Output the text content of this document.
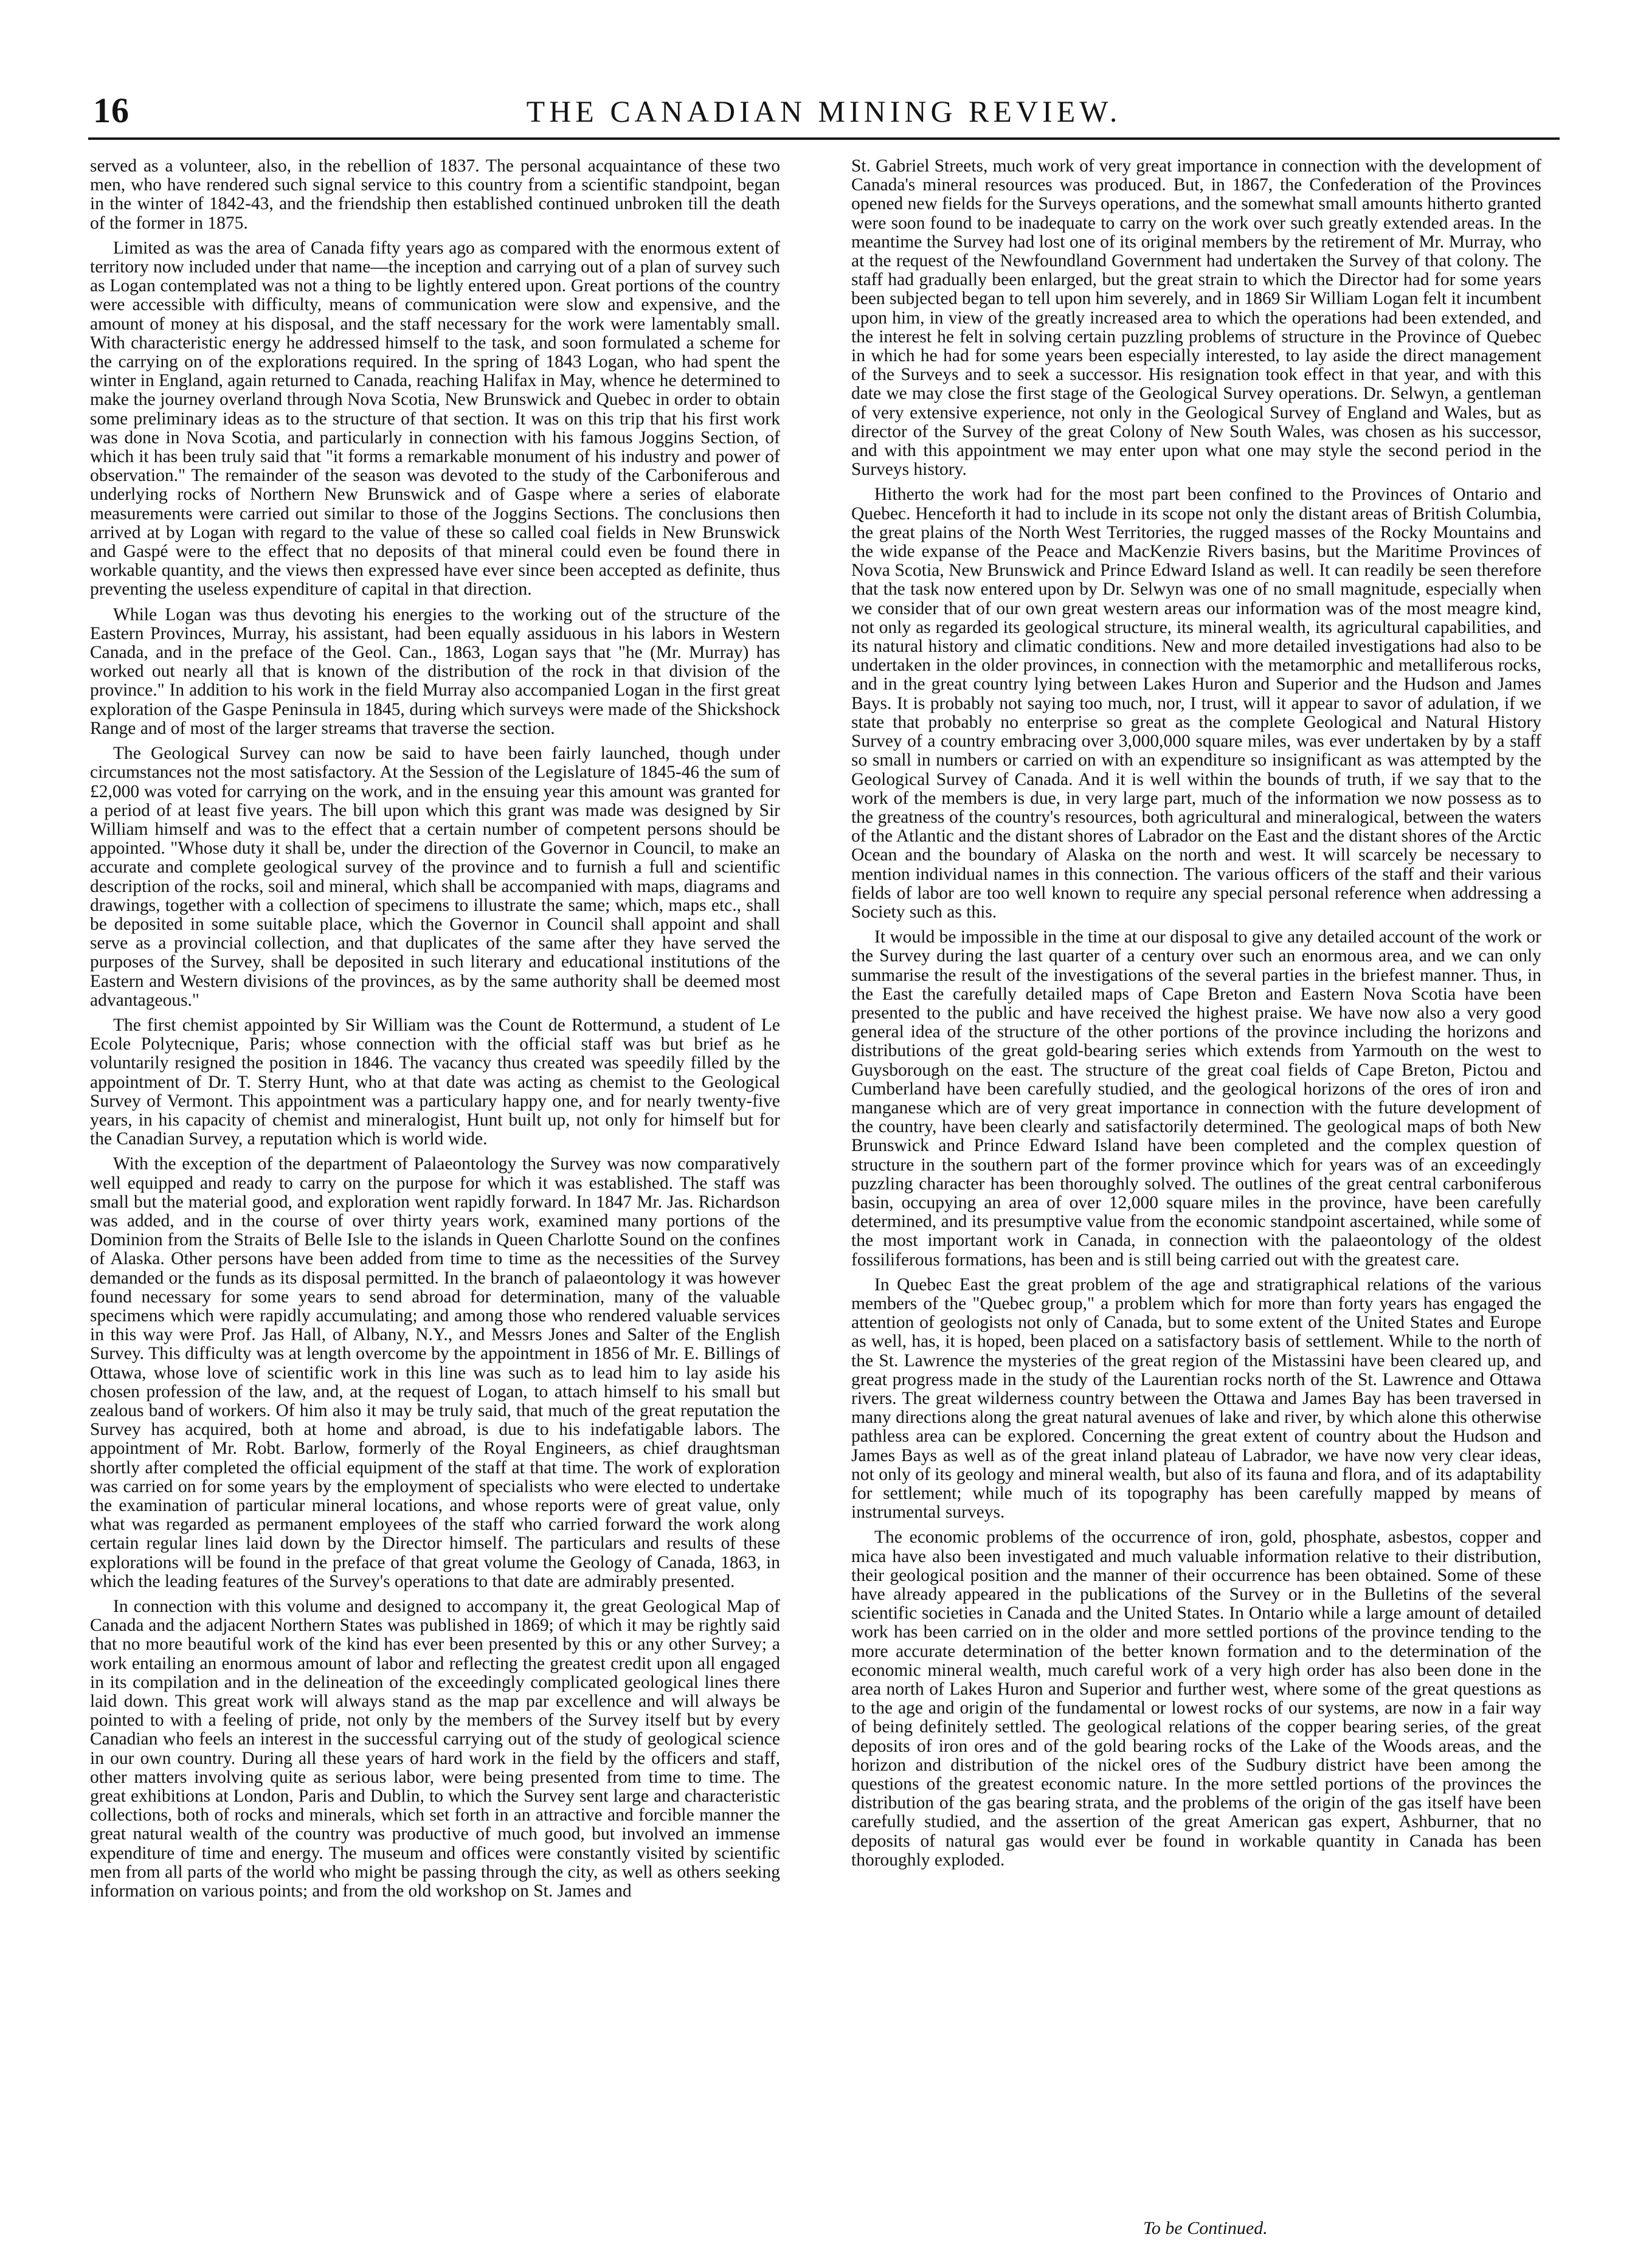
16	THE CANADIAN MINING REVIEW.

served as a volunteer, also, in the rebellion of 1837. The personal acquaintance of these two men, who have rendered such signal service to this country from a scientific standpoint, began in the winter of 1842-43, and the friendship then established continued unbroken till the death of the former in 1875.

Limited as was the area of Canada fifty years ago as compared with the enormous extent of territory now included under that name—the inception and carrying out of a plan of survey such as Logan contemplated was not a thing to be lightly entered upon. Great portions of the country were accessible with difficulty, means of communication were slow and expensive, and the amount of money at his disposal, and the staff necessary for the work were lamentably small. With characteristic energy he addressed himself to the task, and soon formulated a scheme for the carrying on of the explorations required. In the spring of 1843 Logan, who had spent the winter in England, again returned to Canada, reaching Halifax in May, whence he determined to make the journey overland through Nova Scotia, New Brunswick and Quebec in order to obtain some preliminary ideas as to the structure of that section. It was on this trip that his first work was done in Nova Scotia, and particularly in connection with his famous Joggins Section, of which it has been truly said that "it forms a remarkable monument of his industry and power of observation." The remainder of the season was devoted to the study of the Carboniferous and underlying rocks of Northern New Brunswick and of Gaspe where a series of elaborate measurements were carried out similar to those of the Joggins Sections. The conclusions then arrived at by Logan with regard to the value of these so called coal fields in New Brunswick and Gaspé were to the effect that no deposits of that mineral could even be found there in workable quantity, and the views then expressed have ever since been accepted as definite, thus preventing the useless expenditure of capital in that direction.

While Logan was thus devoting his energies to the working out of the structure of the Eastern Provinces, Murray, his assistant, had been equally assiduous in his labors in Western Canada, and in the preface of the Geol. Can., 1863, Logan says that "he (Mr. Murray) has worked out nearly all that is known of the distribution of the rock in that division of the province." In addition to his work in the field Murray also accompanied Logan in the first great exploration of the Gaspe Peninsula in 1845, during which surveys were made of the Shickshock Range and of most of the larger streams that traverse the section.

The Geological Survey can now be said to have been fairly launched, though under circumstances not the most satisfactory. At the Session of the Legislature of 1845-46 the sum of £2,000 was voted for carrying on the work, and in the ensuing year this amount was granted for a period of at least five years. The bill upon which this grant was made was designed by Sir William himself and was to the effect that a certain number of competent persons should be appointed. "Whose duty it shall be, under the direction of the Governor in Council, to make an accurate and complete geological survey of the province and to furnish a full and scientific description of the rocks, soil and mineral, which shall be accompanied with maps, diagrams and drawings, together with a collection of specimens to illustrate the same; which, maps etc., shall be deposited in some suitable place, which the Governor in Council shall appoint and shall serve as a provincial collection, and that duplicates of the same after they have served the purposes of the Survey, shall be deposited in such literary and educational institutions of the Eastern and Western divisions of the provinces, as by the same authority shall be deemed most advantageous."

The first chemist appointed by Sir William was the Count de Rottermund, a student of Le Ecole Polytecnique, Paris; whose connection with the official staff was but brief as he voluntarily resigned the position in 1846. The vacancy thus created was speedily filled by the appointment of Dr. T. Sterry Hunt, who at that date was acting as chemist to the Geological Survey of Vermont. This appointment was a particulary happy one, and for nearly twenty-five years, in his capacity of chemist and mineralogist, Hunt built up, not only for himself but for the Canadian Survey, a reputation which is world wide.

With the exception of the department of Palaeontology the Survey was now comparatively well equipped and ready to carry on the purpose for which it was established. The staff was small but the material good, and exploration went rapidly forward. In 1847 Mr. Jas. Richardson was added, and in the course of over thirty years work, examined many portions of the Dominion from the Straits of Belle Isle to the islands in Queen Charlotte Sound on the confines of Alaska. Other persons have been added from time to time as the necessities of the Survey demanded or the funds as its disposal permitted. In the branch of palaeontology it was however found necessary for some years to send abroad for determination, many of the valuable specimens which were rapidly accumulating; and among those who rendered valuable services in this way were Prof. Jas Hall, of Albany, N.Y., and Messrs Jones and Salter of the English Survey. This difficulty was at length overcome by the appointment in 1856 of Mr. E. Billings of Ottawa, whose love of scientific work in this line was such as to lead him to lay aside his chosen profession of the law, and, at the request of Logan, to attach himself to his small but zealous band of workers. Of him also it may be truly said, that much of the great reputation the Survey has acquired, both at home and abroad, is due to his indefatigable labors. The appointment of Mr. Robt. Barlow, formerly of the Royal Engineers, as chief draughtsman shortly after completed the official equipment of the staff at that time. The work of exploration was carried on for some years by the employment of specialists who were elected to undertake the examination of particular mineral locations, and whose reports were of great value, only what was regarded as permanent employees of the staff who carried forward the work along certain regular lines laid down by the Director himself. The particulars and results of these explorations will be found in the preface of that great volume the Geology of Canada, 1863, in which the leading features of the Survey's operations to that date are admirably presented.

In connection with this volume and designed to accompany it, the great Geological Map of Canada and the adjacent Northern States was published in 1869; of which it may be rightly said that no more beautiful work of the kind has ever been presented by this or any other Survey; a work entailing an enormous amount of labor and reflecting the greatest credit upon all engaged in its compilation and in the delineation of the exceedingly complicated geological lines there laid down. This great work will always stand as the map par excellence and will always be pointed to with a feeling of pride, not only by the members of the Survey itself but by every Canadian who feels an interest in the successful carrying out of the study of geological science in our own country. During all these years of hard work in the field by the officers and staff, other matters involving quite as serious labor, were being presented from time to time. The great exhibitions at London, Paris and Dublin, to which the Survey sent large and characteristic collections, both of rocks and minerals, which set forth in an attractive and forcible manner the great natural wealth of the country was productive of much good, but involved an immense expenditure of time and energy. The museum and offices were constantly visited by scientific men from all parts of the world who might be passing through the city, as well as others seeking information on various points; and from the old workshop on St. James and

St. Gabriel Streets, much work of very great importance in connection with the development of Canada's mineral resources was produced. But, in 1867, the Confederation of the Provinces opened new fields for the Surveys operations, and the somewhat small amounts hitherto granted were soon found to be inadequate to carry on the work over such greatly extended areas. In the meantime the Survey had lost one of its original members by the retirement of Mr. Murray, who at the request of the Newfoundland Government had undertaken the Survey of that colony. The staff had gradually been enlarged, but the great strain to which the Director had for some years been subjected began to tell upon him severely, and in 1869 Sir William Logan felt it incumbent upon him, in view of the greatly increased area to which the operations had been extended, and the interest he felt in solving certain puzzling problems of structure in the Province of Quebec in which he had for some years been especially interested, to lay aside the direct management of the Surveys and to seek a successor. His resignation took effect in that year, and with this date we may close the first stage of the Geological Survey operations. Dr. Selwyn, a gentleman of very extensive experience, not only in the Geological Survey of England and Wales, but as director of the Survey of the great Colony of New South Wales, was chosen as his successor, and with this appointment we may enter upon what one may style the second period in the Surveys history.

Hitherto the work had for the most part been confined to the Provinces of Ontario and Quebec. Henceforth it had to include in its scope not only the distant areas of British Columbia, the great plains of the North West Territories, the rugged masses of the Rocky Mountains and the wide expanse of the Peace and MacKenzie Rivers basins, but the Maritime Provinces of Nova Scotia, New Brunswick and Prince Edward Island as well. It can readily be seen therefore that the task now entered upon by Dr. Selwyn was one of no small magnitude, especially when we consider that of our own great western areas our information was of the most meagre kind, not only as regarded its geological structure, its mineral wealth, its agricultural capabilities, and its natural history and climatic conditions. New and more detailed investigations had also to be undertaken in the older provinces, in connection with the metamorphic and metalliferous rocks, and in the great country lying between Lakes Huron and Superior and the Hudson and James Bays. It is probably not saying too much, nor, I trust, will it appear to savor of adulation, if we state that probably no enterprise so great as the complete Geological and Natural History Survey of a country embracing over 3,000,000 square miles, was ever undertaken by by a staff so small in numbers or carried on with an expenditure so insignificant as was attempted by the Geological Survey of Canada. And it is well within the bounds of truth, if we say that to the work of the members is due, in very large part, much of the information we now possess as to the greatness of the country's resources, both agricultural and mineralogical, between the waters of the Atlantic and the distant shores of Labrador on the East and the distant shores of the Arctic Ocean and the boundary of Alaska on the north and west. It will scarcely be necessary to mention individual names in this connection. The various officers of the staff and their various fields of labor are too well known to require any special personal reference when addressing a Society such as this.

It would be impossible in the time at our disposal to give any detailed account of the work or the Survey during the last quarter of a century over such an enormous area, and we can only summarise the result of the investigations of the several parties in the briefest manner. Thus, in the East the carefully detailed maps of Cape Breton and Eastern Nova Scotia have been presented to the public and have received the highest praise. We have now also a very good general idea of the structure of the other portions of the province including the horizons and distributions of the great gold-bearing series which extends from Yarmouth on the west to Guysborough on the east. The structure of the great coal fields of Cape Breton, Pictou and Cumberland have been carefully studied, and the geological horizons of the ores of iron and manganese which are of very great importance in connection with the future development of the country, have been clearly and satisfactorily determined. The geological maps of both New Brunswick and Prince Edward Island have been completed and the complex question of structure in the southern part of the former province which for years was of an exceedingly puzzling character has been thoroughly solved. The outlines of the great central carboniferous basin, occupying an area of over 12,000 square miles in the province, have been carefully determined, and its presumptive value from the economic standpoint ascertained, while some of the most important work in Canada, in connection with the palaeontology of the oldest fossiliferous formations, has been and is still being carried out with the greatest care.

In Quebec East the great problem of the age and stratigraphical relations of the various members of the "Quebec group," a problem which for more than forty years has engaged the attention of geologists not only of Canada, but to some extent of the United States and Europe as well, has, it is hoped, been placed on a satisfactory basis of settlement. While to the north of the St. Lawrence the mysteries of the great region of the Mistassini have been cleared up, and great progress made in the study of the Laurentian rocks north of the St. Lawrence and Ottawa rivers. The great wilderness country between the Ottawa and James Bay has been traversed in many directions along the great natural avenues of lake and river, by which alone this otherwise pathless area can be explored. Concerning the great extent of country about the Hudson and James Bays as well as of the great inland plateau of Labrador, we have now very clear ideas, not only of its geology and mineral wealth, but also of its fauna and flora, and of its adaptability for settlement; while much of its topography has been carefully mapped by means of instrumental surveys.

The economic problems of the occurrence of iron, gold, phosphate, asbestos, copper and mica have also been investigated and much valuable information relative to their distribution, their geological position and the manner of their occurrence has been obtained. Some of these have already appeared in the publications of the Survey or in the Bulletins of the several scientific societies in Canada and the United States. In Ontario while a large amount of detailed work has been carried on in the older and more settled portions of the province tending to the more accurate determination of the better known formation and to the determination of the economic mineral wealth, much careful work of a very high order has also been done in the area north of Lakes Huron and Superior and further west, where some of the great questions as to the age and origin of the fundamental or lowest rocks of our systems, are now in a fair way of being definitely settled. The geological relations of the copper bearing series, of the great deposits of iron ores and of the gold bearing rocks of the Lake of the Woods areas, and the horizon and distribution of the nickel ores of the Sudbury district have been among the questions of the greatest economic nature. In the more settled portions of the provinces the distribution of the gas bearing strata, and the problems of the origin of the gas itself have been carefully studied, and the assertion of the great American gas expert, Ashburner, that no deposits of natural gas would ever be found in workable quantity in Canada has been thoroughly exploded.

To be Continued.
